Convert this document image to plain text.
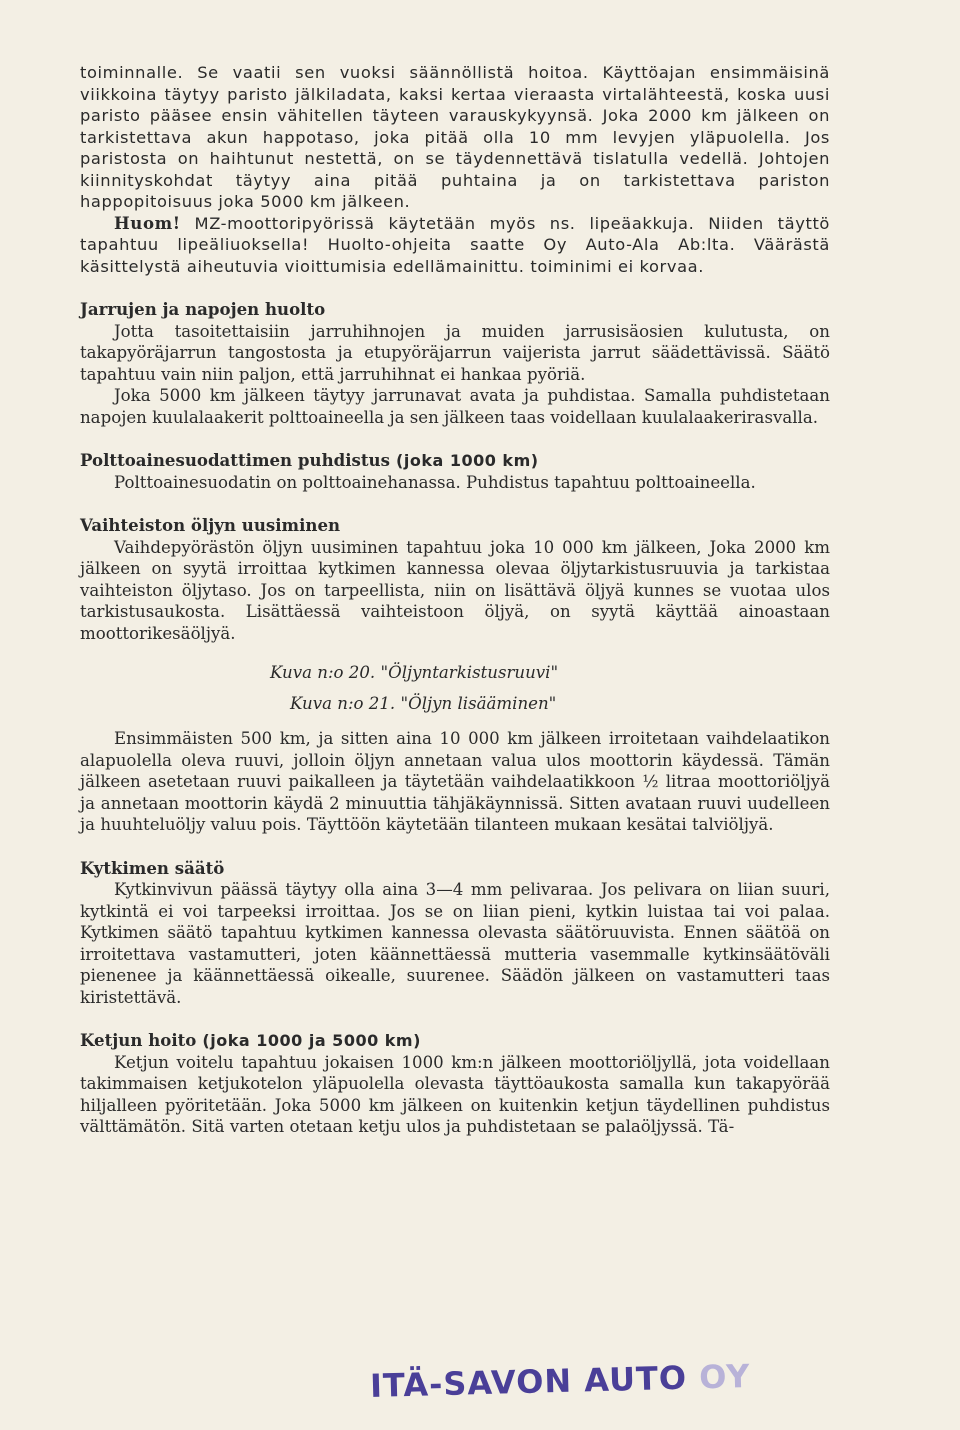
toiminnalle. Se vaatii sen vuoksi säännöllistä hoitoa. Käyttöajan ensimmäisinä viikkoina täytyy paristo jälkiladata, kaksi kertaa vieraasta virtalähteestä, koska uusi paristo pääsee ensin vähitellen täyteen varauskykyynsä. Joka 2000 km jälkeen on tarkistettava akun happotaso, joka pitää olla 10 mm levyjen yläpuolella. Jos paristosta on haihtunut nestettä, on se täydennettävä tislatulla vedellä. Johtojen kiinnityskohdat täytyy aina pitää puhtaina ja on tarkistettava pariston happopitoisuus joka 5000 km jälkeen.

Huom! MZ-moottoripyörissä käytetään myös ns. lipeäakkuja. Niiden täyttö tapahtuu lipeäliuoksella! Huolto-ohjeita saatte Oy Auto-Ala Ab:lta. Väärästä käsittelystä aiheutuvia vioittumisia edellämainittu. toiminimi ei korvaa.

Jarrujen ja napojen huolto

Jotta tasoitettaisiin jarruhihnojen ja muiden jarrusisäosien kulutusta, on takapyöräjarrun tangostosta ja etupyöräjarrun vaijerista jarrut säädettävissä. Säätö tapahtuu vain niin paljon, että jarruhihnat ei hankaa pyöriä.

Joka 5000 km jälkeen täytyy jarrunavat avata ja puhdistaa. Samalla puhdistetaan napojen kuulalaakerit polttoaineella ja sen jälkeen taas voidellaan kuulalaakerirasvalla.

Polttoainesuodattimen puhdistus (joka 1000 km)

Polttoainesuodatin on polttoainehanassa. Puhdistus tapahtuu polttoaineella.

Vaihteiston öljyn uusiminen

Vaihdepyörästön öljyn uusiminen tapahtuu joka 10 000 km jälkeen, Joka 2000 km jälkeen on syytä irroittaa kytkimen kannessa olevaa öljytarkistusruuvia ja tarkistaa vaihteiston öljytaso. Jos on tarpeellista, niin on lisättävä öljyä kunnes se vuotaa ulos tarkistusaukosta. Lisättäessä vaihteistoon öljyä, on syytä käyttää ainoastaan moottorikesäöljyä.

Kuva n:o 20. "Öljyntarkistusruuvi"

Kuva n:o 21. "Öljyn lisääminen"

Ensimmäisten 500 km, ja sitten aina 10 000 km jälkeen irroitetaan vaihdelaatikon alapuolella oleva ruuvi, jolloin öljyn annetaan valua ulos moottorin käydessä. Tämän jälkeen asetetaan ruuvi paikalleen ja täytetään vaihdelaatikkoon ½ litraa moottoriöljyä ja annetaan moottorin käydä 2 minuuttia tähjäkäynnissä. Sitten avataan ruuvi uudelleen ja huuhteluöljy valuu pois. Täyttöön käytetään tilanteen mukaan kesätai talviöljyä.

Kytkimen säätö

Kytkinvivun päässä täytyy olla aina 3—4 mm pelivaraa. Jos pelivara on liian suuri, kytkintä ei voi tarpeeksi irroittaa. Jos se on liian pieni, kytkin luistaa tai voi palaa. Kytkimen säätö tapahtuu kytkimen kannessa olevasta säätöruuvista. Ennen säätöä on irroitettava vastamutteri, joten käännettäessä mutteria vasemmalle kytkinsäätöväli pienenee ja käännettäessä oikealle, suurenee. Säädön jälkeen on vastamutteri taas kiristettävä.

Ketjun hoito (joka 1000 ja 5000 km)

Ketjun voitelu tapahtuu jokaisen 1000 km:n jälkeen moottoriöljyllä, jota voidellaan takimmaisen ketjukotelon yläpuolella olevasta täyttöaukosta samalla kun takapyörää hiljalleen pyöritetään. Joka 5000 km jälkeen on kuitenkin ketjun täydellinen puhdistus välttämätön. Sitä varten otetaan ketju ulos ja puhdistetaan se palaöljyssä. Tä-

ITÄ-SAVON AUTO OY
